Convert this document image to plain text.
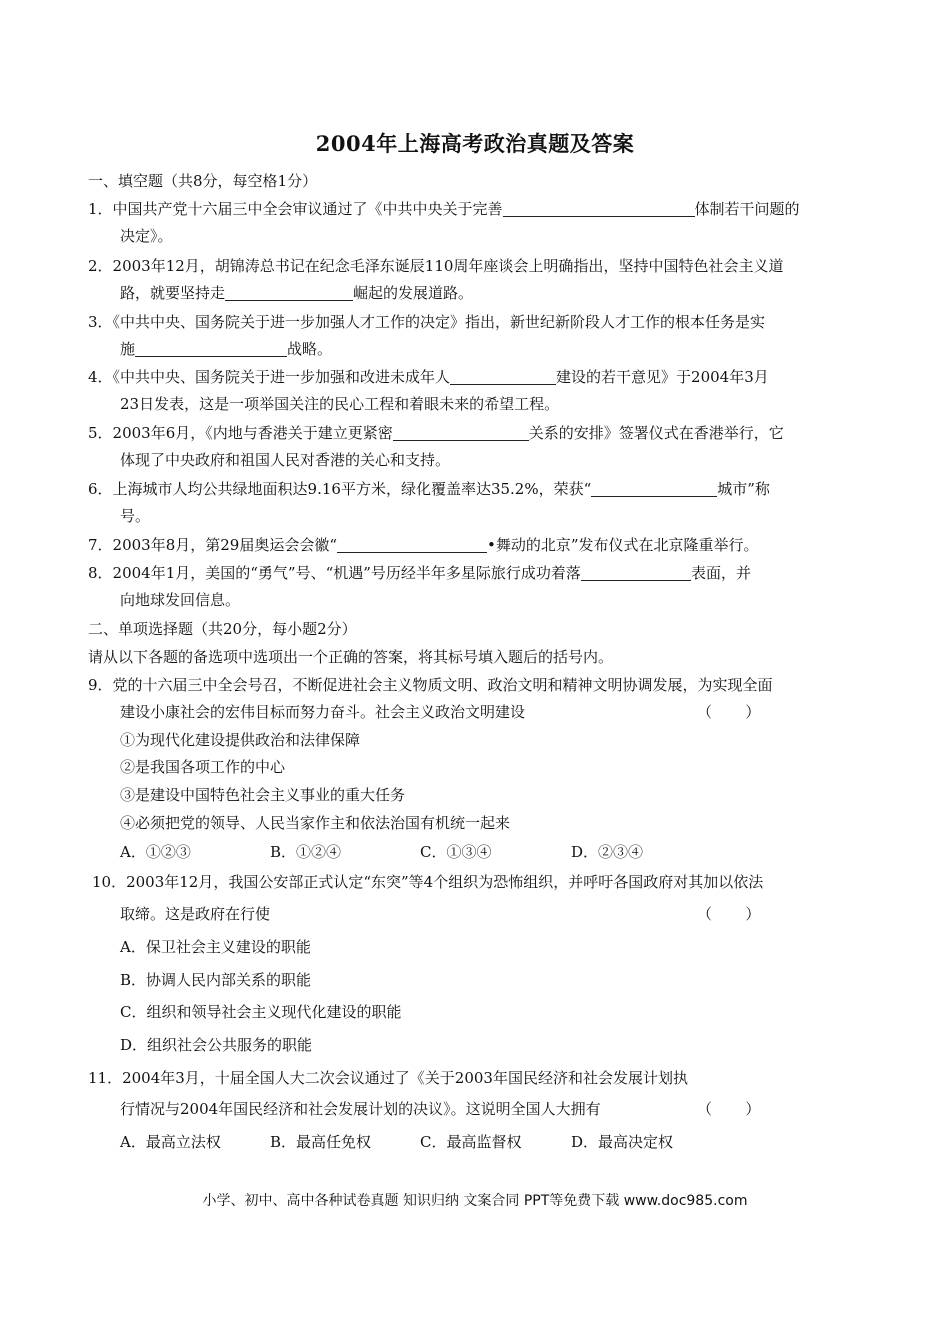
2004年上海高考政治真题及答案
一、填空题（共8分，每空格1分）
1．中国共产党十六届三中全会审议通过了《中共中央关于完善	体制若干问题的
决定》。
2．2003年12月，胡锦涛总书记在纪念毛泽东诞辰110周年座谈会上明确指出，坚持中国特色社会主义道
路，就要坚持走	崛起的发展道路。
3．《中共中央、国务院关于进一步加强人才工作的决定》指出，新世纪新阶段人才工作的根本任务是实
施	战略。
4．《中共中央、国务院关于进一步加强和改进未成年人	建设的若干意见》于2004年3月
23日发表，这是一项举国关注的民心工程和着眼未来的希望工程。
5．2003年6月，《内地与香港关于建立更紧密	关系的安排》签署仪式在香港举行，它
体现了中央政府和祖国人民对香港的关心和支持。
6．上海城市人均公共绿地面积达9.16平方米，绿化覆盖率达35.2%，荣获“	城市”称
号。
7．2003年8月，第29届奥运会会徽“	•舞动的北京”发布仪式在北京隆重举行。
8．2004年1月，美国的“勇气”号、“机遇”号历经半年多星际旅行成功着落	表面，并
向地球发回信息。
二、单项选择题（共20分，每小题2分）
请从以下各题的备选项中选项出一个正确的答案，将其标号填入题后的括号内。
9．党的十六届三中全会号召，不断促进社会主义物质文明、政治文明和精神文明协调发展，为实现全面
建设小康社会的宏伟目标而努力奋斗。社会主义政治文明建设	（       ）
①为现代化建设提供政治和法律保障
②是我国各项工作的中心
③是建设中国特色社会主义事业的重大任务
④必须把党的领导、人民当家作主和依法治国有机统一起来
A．①②③	B．①②④	C．①③④	D．②③④
10．2003年12月，我国公安部正式认定“东突”等4个组织为恐怖组织，并呼吁各国政府对其加以依法
取缔。这是政府在行使	（       ）
A．保卫社会主义建设的职能
B．协调人民内部关系的职能
C．组织和领导社会主义现代化建设的职能
D．组织社会公共服务的职能
11．2004年3月，十届全国人大二次会议通过了《关于2003年国民经济和社会发展计划执
行情况与2004年国民经济和社会发展计划的决议》。这说明全国人大拥有	（       ）
A．最高立法权	B．最高任免权	C．最高监督权	D．最高决定权
小学、初中、高中各种试卷真题 知识归纳 文案合同 PPT等免费下载 www.doc985.com
